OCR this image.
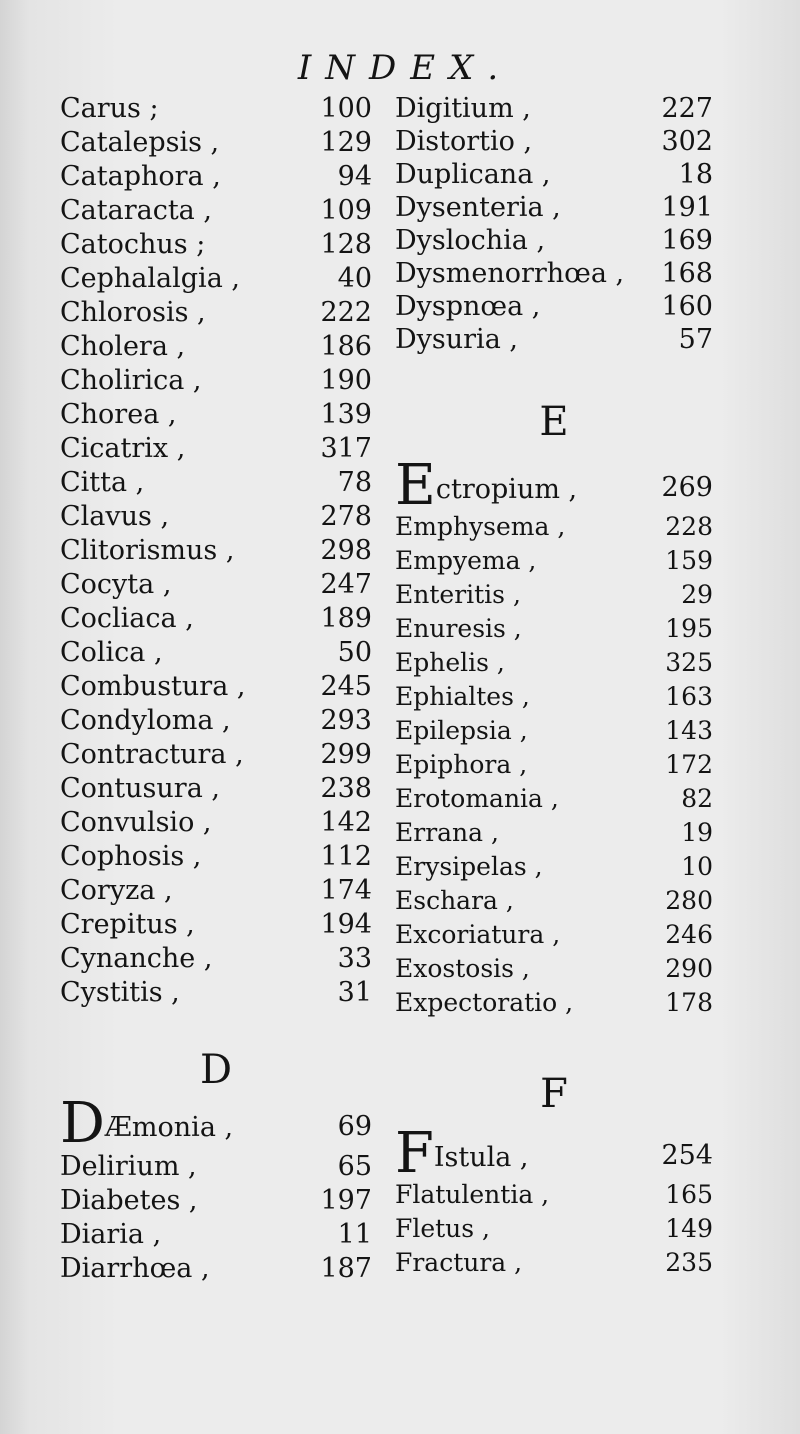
INDEX.
Carus ;	100
Catalepsis ,	129
Cataphora ,	94
Cataracta ,	109
Catochus ;	128
Cephalalgia ,	40
Chlorosis ,	222
Cholera ,	186
Cholirica ,	190
Chorea ,	139
Cicatrix ,	317
Citta ,	78
Clavus ,	278
Clitorismus ,	298
Cocyta ,	247
Cocliaca ,	189
Colica ,	50
Combustura ,	245
Condyloma ,	293
Contractura ,	299
Contusura ,	238
Convulsio ,	142
Cophosis ,	112
Coryza ,	174
Crepitus ,	194
Cynanche ,	33
Cystitis ,	31
D
DÆmonia ,	69
Delirium ,	65
Diabetes ,	197
Diaria ,	11
Diarrhœa ,	187
Digitium ,	227
Distortio ,	302
Duplicana ,	18
Dysenteria ,	191
Dyslochia ,	169
Dysmenorrhœa , 168
Dyspnœa ,	160
Dysuria ,	57
E
Ectropium ,	269
Emphysema ,	228
Empyema ,	159
Enteritis ,	29
Enuresis ,	195
Ephelis ,	325
Ephialtes ,	163
Epilepsia ,	143
Epiphora ,	172
Erotomania ,	82
Errana ,	19
Erysipelas ,	10
Eschara ,	280
Excoriatura ,	246
Exostosis ,	290
Expectoratio ,	178
F
FIstula ,	254
Flatulentia ,	165
Fletus ,	149
Fractura ,	235
